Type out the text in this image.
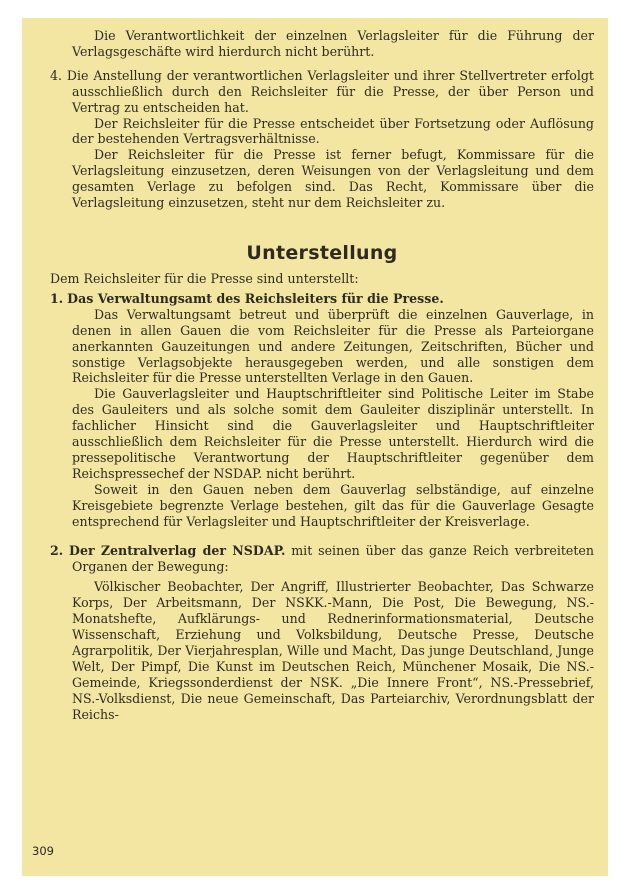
Die Verantwortlichkeit der einzelnen Verlagsleiter für die Führung der Verlagsgeschäfte wird hierdurch nicht berührt.

4. Die Anstellung der verantwortlichen Verlagsleiter und ihrer Stellvertreter erfolgt ausschließlich durch den Reichsleiter für die Presse, der über Person und Vertrag zu entscheiden hat.

Der Reichsleiter für die Presse entscheidet über Fortsetzung oder Auflösung der bestehenden Vertragsverhältnisse.

Der Reichsleiter für die Presse ist ferner befugt, Kommissare für die Verlagsleitung einzusetzen, deren Weisungen von der Verlagsleitung und dem gesamten Verlage zu befolgen sind. Das Recht, Kommissare über die Verlagsleitung einzusetzen, steht nur dem Reichsleiter zu.

Unterstellung

Dem Reichsleiter für die Presse sind unterstellt:

1. Das Verwaltungsamt des Reichsleiters für die Presse.

Das Verwaltungsamt betreut und überprüft die einzelnen Gauverlage, in denen in allen Gauen die vom Reichsleiter für die Presse als Parteiorgane anerkannten Gauzeitungen und andere Zeitungen, Zeitschriften, Bücher und sonstige Verlagsobjekte herausgegeben werden, und alle sonstigen dem Reichsleiter für die Presse unterstellten Verlage in den Gauen.

Die Gauverlagsleiter und Hauptschriftleiter sind Politische Leiter im Stabe des Gauleiters und als solche somit dem Gauleiter disziplinär unterstellt. In fachlicher Hinsicht sind die Gauverlagsleiter und Hauptschriftleiter ausschließlich dem Reichsleiter für die Presse unterstellt. Hierdurch wird die pressepolitische Verantwortung der Hauptschriftleiter gegenüber dem Reichspressechef der NSDAP. nicht berührt.

Soweit in den Gauen neben dem Gauverlag selbständige, auf einzelne Kreisgebiete begrenzte Verlage bestehen, gilt das für die Gauverlage Gesagte entsprechend für Verlagsleiter und Hauptschriftleiter der Kreisverlage.

2. Der Zentralverlag der NSDAP. mit seinen über das ganze Reich verbreiteten Organen der Bewegung:

Völkischer Beobachter, Der Angriff, Illustrierter Beobachter, Das Schwarze Korps, Der Arbeitsmann, Der NSKK.-Mann, Die Post, Die Bewegung, NS.-Monatshefte, Aufklärungs- und Rednerinformationsmaterial, Deutsche Wissenschaft, Erziehung und Volksbildung, Deutsche Presse, Deutsche Agrarpolitik, Der Vierjahresplan, Wille und Macht, Das junge Deutschland, Junge Welt, Der Pimpf, Die Kunst im Deutschen Reich, Münchener Mosaik, Die NS.-Gemeinde, Kriegssonderdienst der NSK. „Die Innere Front“, NS.-Pressebrief, NS.-Volksdienst, Die neue Gemeinschaft, Das Parteiarchiv, Verordnungsblatt der Reichs-

309
